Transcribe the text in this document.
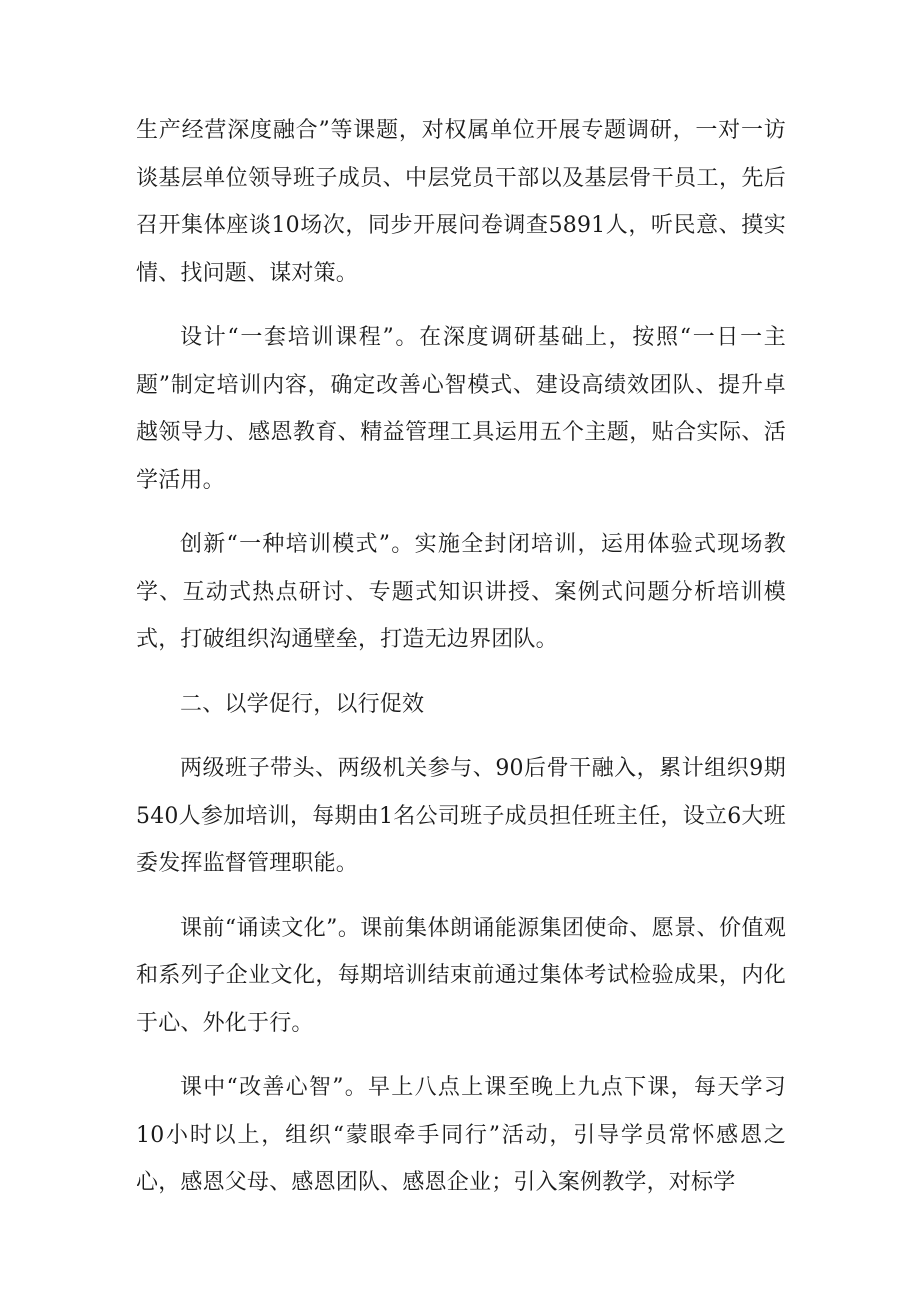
生产经营深度融合”等课题，对权属单位开展专题调研，一对一访谈基层单位领导班子成员、中层党员干部以及基层骨干员工，先后召开集体座谈10场次，同步开展问卷调查5891人，听民意、摸实情、找问题、谋对策。

设计“一套培训课程”。在深度调研基础上，按照“一日一主题”制定培训内容，确定改善心智模式、建设高绩效团队、提升卓越领导力、感恩教育、精益管理工具运用五个主题，贴合实际、活学活用。

创新“一种培训模式”。实施全封闭培训，运用体验式现场教学、互动式热点研讨、专题式知识讲授、案例式问题分析培训模式，打破组织沟通壁垒，打造无边界团队。

二、以学促行，以行促效

两级班子带头、两级机关参与、90后骨干融入，累计组织9期540人参加培训，每期由1名公司班子成员担任班主任，设立6大班委发挥监督管理职能。

课前“诵读文化”。课前集体朗诵能源集团使命、愿景、价值观和系列子企业文化，每期培训结束前通过集体考试检验成果，内化于心、外化于行。

课中“改善心智”。早上八点上课至晚上九点下课，每天学习10小时以上，组织“蒙眼牵手同行”活动，引导学员常怀感恩之心，感恩父母、感恩团队、感恩企业；引入案例教学，对标学
